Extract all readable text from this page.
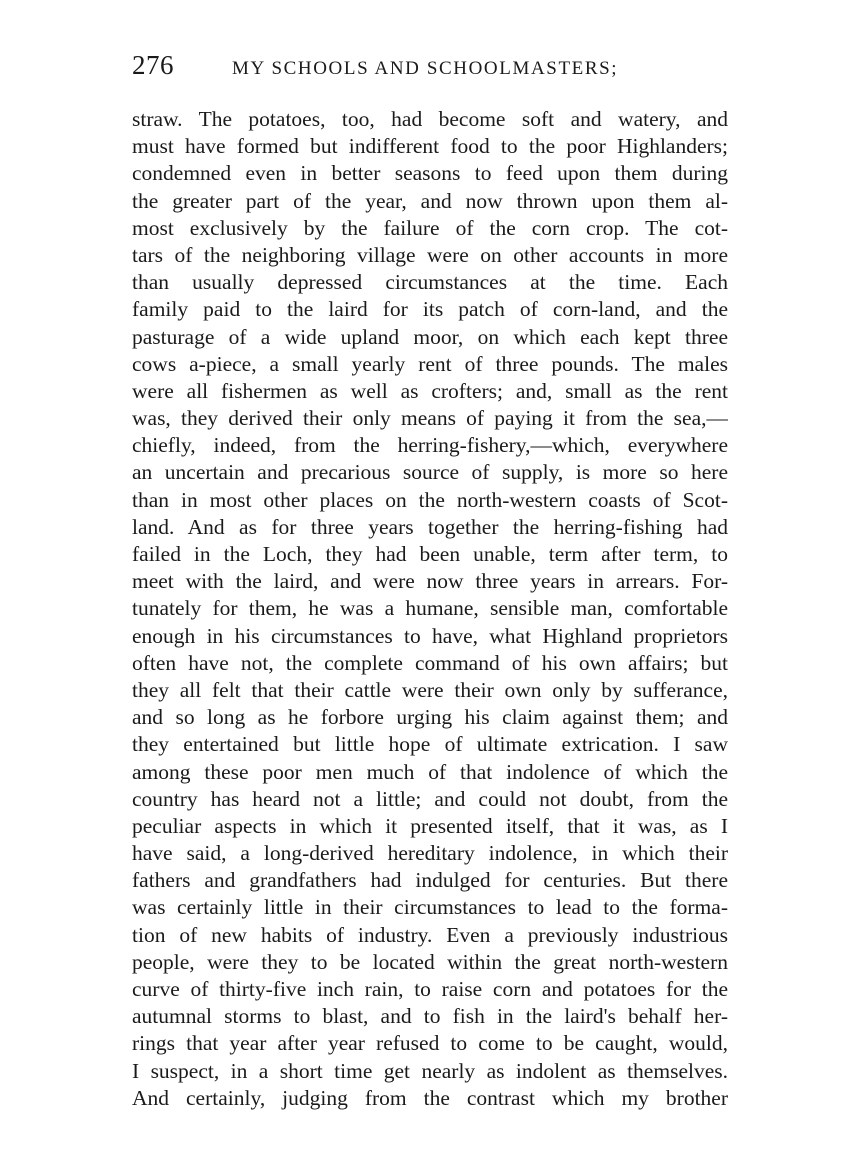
276	MY SCHOOLS AND SCHOOLMASTERS;
straw. The potatoes, too, had become soft and watery, and
must have formed but indifferent food to the poor Highlanders;
condemned even in better seasons to feed upon them during
the greater part of the year, and now thrown upon them al-
most exclusively by the failure of the corn crop. The cot-
tars of the neighboring village were on other accounts in more
than usually depressed circumstances at the time. Each
family paid to the laird for its patch of corn-land, and the
pasturage of a wide upland moor, on which each kept three
cows a-piece, a small yearly rent of three pounds. The males
were all fishermen as well as crofters; and, small as the rent
was, they derived their only means of paying it from the sea,—
chiefly, indeed, from the herring-fishery,—which, everywhere
an uncertain and precarious source of supply, is more so here
than in most other places on the north-western coasts of Scot-
land. And as for three years together the herring-fishing had
failed in the Loch, they had been unable, term after term, to
meet with the laird, and were now three years in arrears. For-
tunately for them, he was a humane, sensible man, comfortable
enough in his circumstances to have, what Highland proprietors
often have not, the complete command of his own affairs; but
they all felt that their cattle were their own only by sufferance,
and so long as he forbore urging his claim against them; and
they entertained but little hope of ultimate extrication. I saw
among these poor men much of that indolence of which the
country has heard not a little; and could not doubt, from the
peculiar aspects in which it presented itself, that it was, as I
have said, a long-derived hereditary indolence, in which their
fathers and grandfathers had indulged for centuries. But there
was certainly little in their circumstances to lead to the forma-
tion of new habits of industry. Even a previously industrious
people, were they to be located within the great north-western
curve of thirty-five inch rain, to raise corn and potatoes for the
autumnal storms to blast, and to fish in the laird's behalf her-
rings that year after year refused to come to be caught, would,
I suspect, in a short time get nearly as indolent as themselves.
And certainly, judging from the contrast which my brother
